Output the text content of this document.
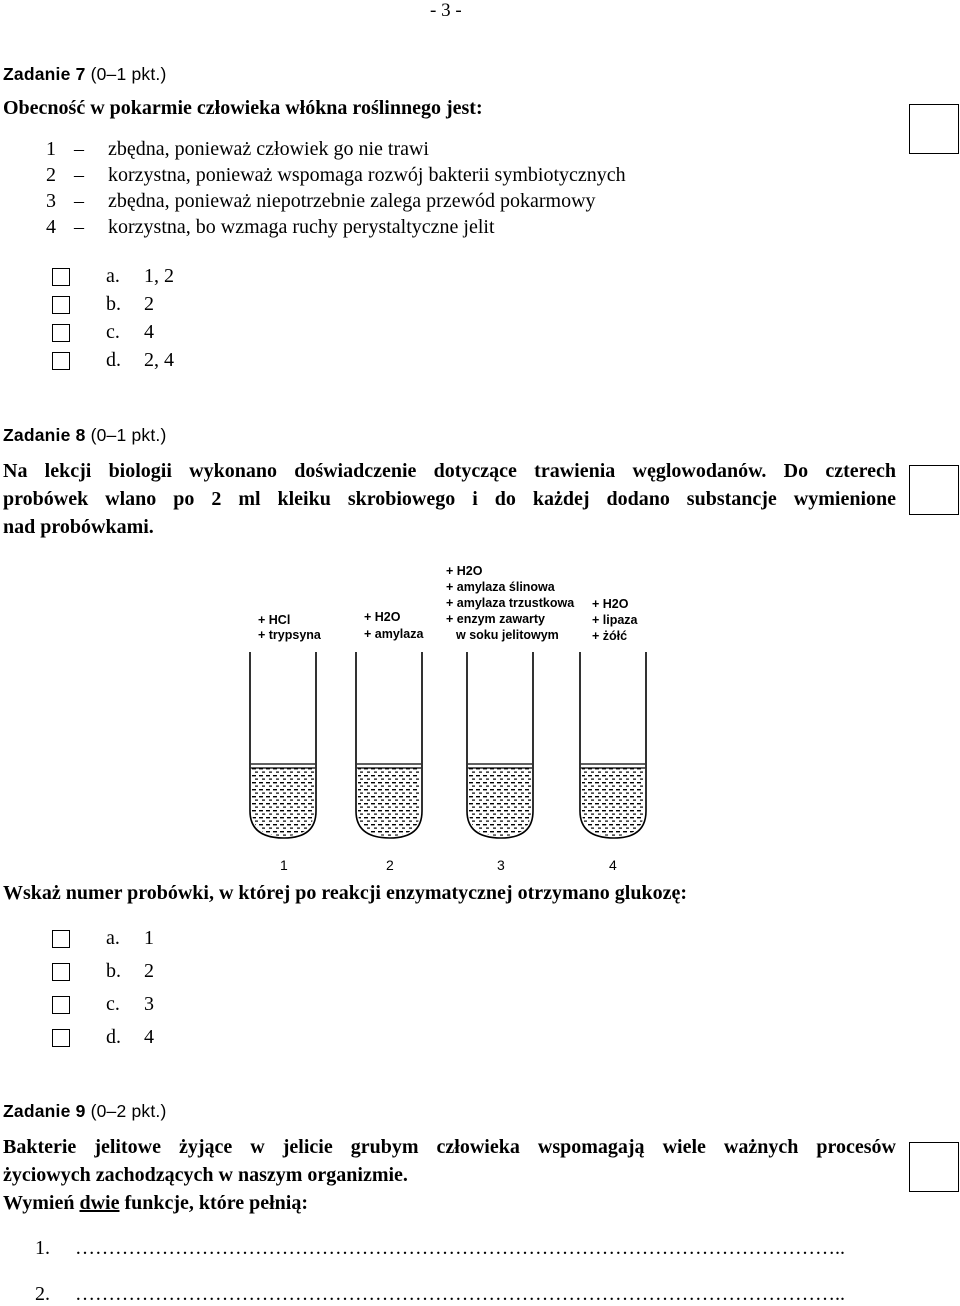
- 3 -
Zadanie 7 (0–1 pkt.)
Obecność w pokarmie człowieka włókna roślinnego jest:
1 – zbędna, ponieważ człowiek go nie trawi
2 – korzystna, ponieważ wspomaga rozwój bakterii symbiotycznych
3 – zbędna, ponieważ niepotrzebnie zalega przewód pokarmowy
4 – korzystna, bo wzmaga ruchy perystaltyczne jelit
a. 1, 2
b. 2
c. 4
d. 2, 4
Zadanie 8 (0–1 pkt.)
Na lekcji biologii wykonano doświadczenie dotyczące trawienia węglowodanów. Do czterech
probówek wlano po 2 ml kleiku skrobiowego i do każdej dodano substancje wymienione
nad probówkami.
+ HCl
+ trypsyna
+ H2O
+ amylaza
+ H2O
+ amylaza ślinowa
+ amylaza trzustkowa
+ enzym zawarty
w soku jelitowym
+ H2O
+ lipaza
+ żółć
1	2	3	4
Wskaż numer probówki, w której po reakcji enzymatycznej otrzymano glukozę:
a. 1
b. 2
c. 3
d. 4
Zadanie 9 (0–2 pkt.)
Bakterie jelitowe żyjące w jelicie grubym człowieka wspomagają wiele ważnych procesów
życiowych zachodzących w naszym organizmie.
Wymień dwie funkcje, które pełnią:
1. ……………………………………………………………………………………………………..
2. ……………………………………………………………………………………………………..
